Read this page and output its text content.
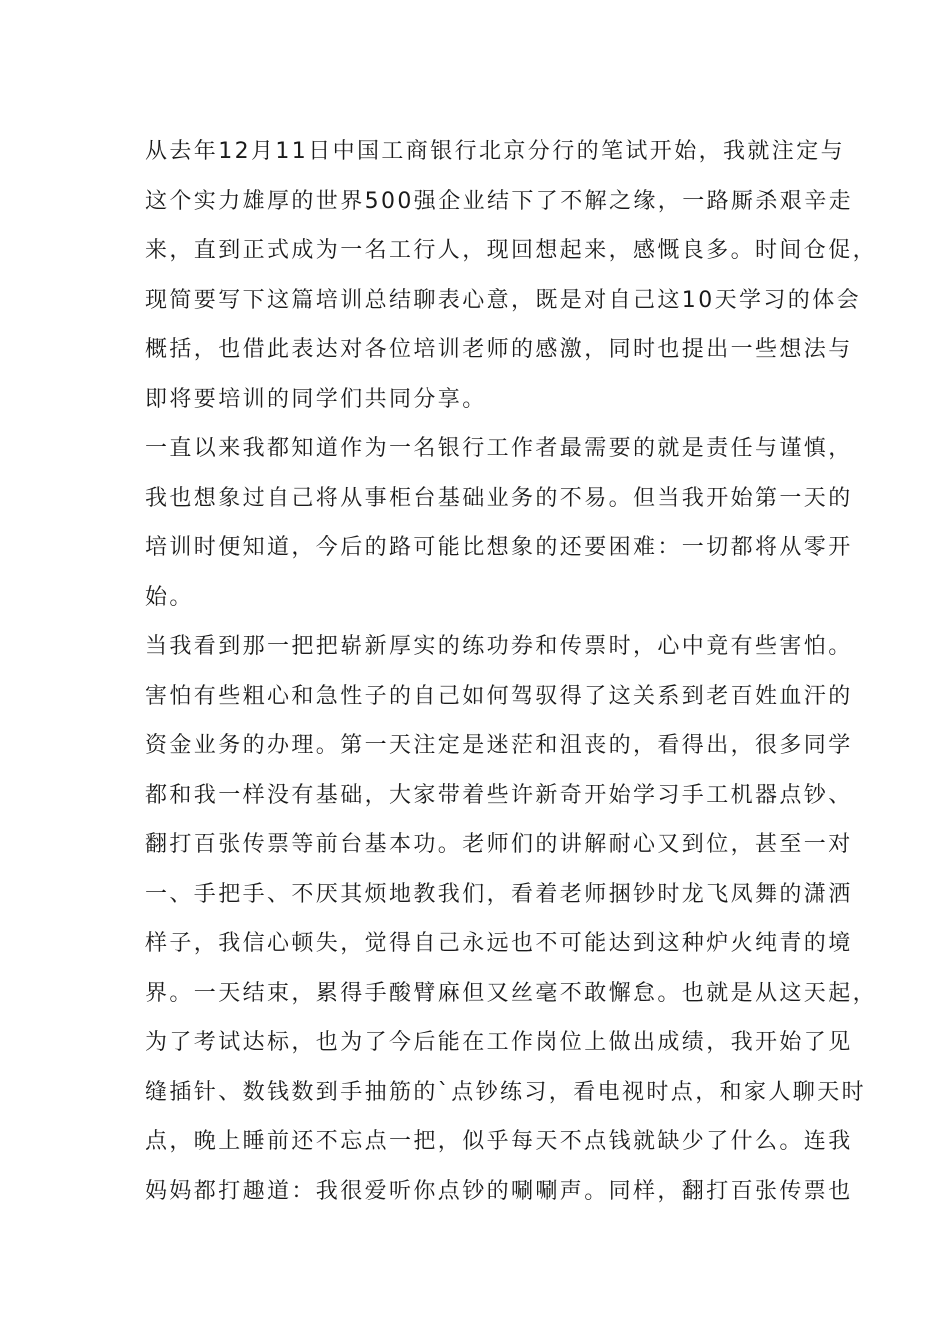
从去年12月11日中国工商银行北京分行的笔试开始，我就注定与
这个实力雄厚的世界500强企业结下了不解之缘，一路厮杀艰辛走
来，直到正式成为一名工行人，现回想起来，感慨良多。时间仓促，
现简要写下这篇培训总结聊表心意，既是对自己这10天学习的体会
概括，也借此表达对各位培训老师的感激，同时也提出一些想法与
即将要培训的同学们共同分享。

一直以来我都知道作为一名银行工作者最需要的就是责任与谨慎，
我也想象过自己将从事柜台基础业务的不易。但当我开始第一天的
培训时便知道，今后的路可能比想象的还要困难：一切都将从零开
始。

当我看到那一把把崭新厚实的练功券和传票时，心中竟有些害怕。
害怕有些粗心和急性子的自己如何驾驭得了这关系到老百姓血汗的
资金业务的办理。第一天注定是迷茫和沮丧的，看得出，很多同学
都和我一样没有基础，大家带着些许新奇开始学习手工机器点钞、
翻打百张传票等前台基本功。老师们的讲解耐心又到位，甚至一对
一、手把手、不厌其烦地教我们，看着老师捆钞时龙飞凤舞的潇洒
样子，我信心顿失，觉得自己永远也不可能达到这种炉火纯青的境
界。一天结束，累得手酸臂麻但又丝毫不敢懈怠。也就是从这天起，
为了考试达标，也为了今后能在工作岗位上做出成绩，我开始了见
缝插针、数钱数到手抽筋的`点钞练习，看电视时点，和家人聊天时
点，晚上睡前还不忘点一把，似乎每天不点钱就缺少了什么。连我
妈妈都打趣道：我很爱听你点钞的唰唰声。同样，翻打百张传票也
